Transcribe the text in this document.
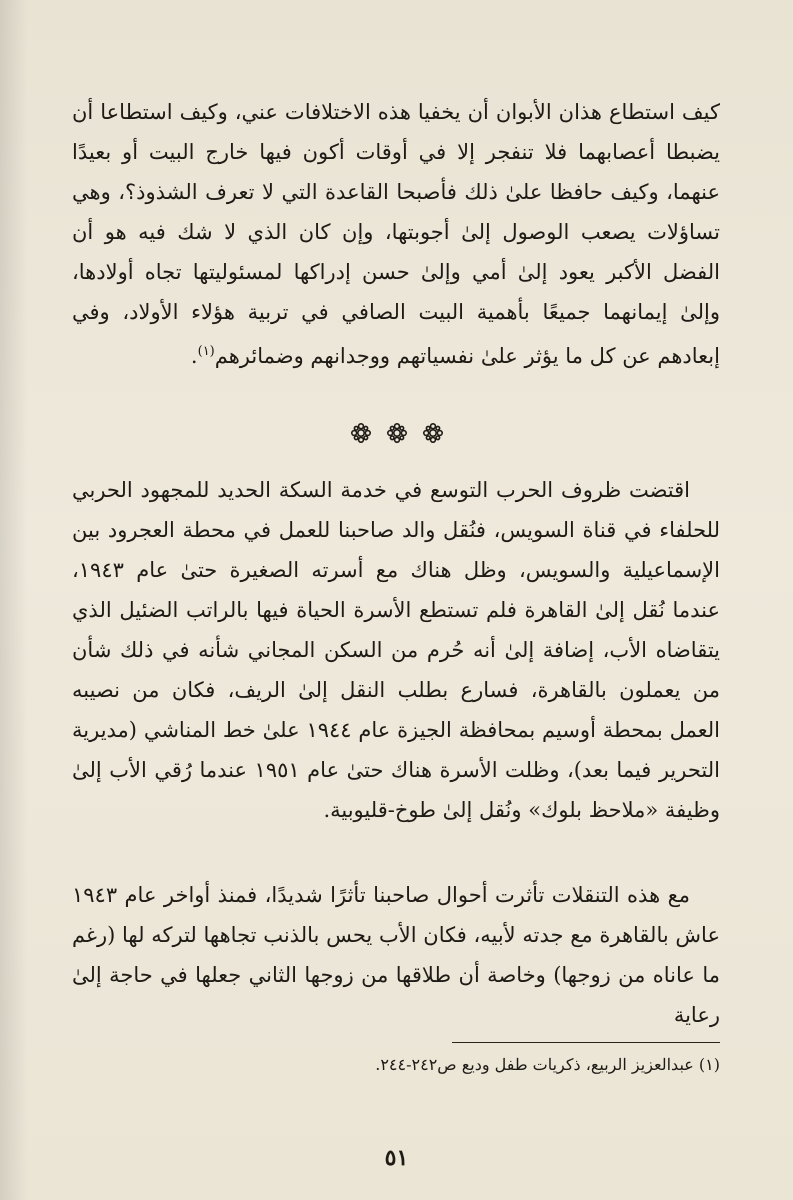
كيف استطاع هذان الأبوان أن يخفيا هذه الاختلافات عني، وكيف استطاعا أن يضبطا أعصابهما فلا تنفجر إلا في أوقات أكون فيها خارج البيت أو بعيدًا عنهما، وكيف حافظا علىٰ ذلك فأصبحا القاعدة التي لا تعرف الشذوذ؟، وهي تساؤلات يصعب الوصول إلىٰ أجوبتها، وإن كان الذي لا شك فيه هو أن الفضل الأكبر يعود إلىٰ أمي وإلىٰ حسن إدراكها لمسئوليتها تجاه أولادها، وإلىٰ إيمانهما جميعًا بأهمية البيت الصافي في تربية هؤلاء الأولاد، وفي إبعادهم عن كل ما يؤثر علىٰ نفسياتهم ووجدانهم وضمائرهم$^{(١)}$.
اقتضت ظروف الحرب التوسع في خدمة السكة الحديد للمجهود الحربي للحلفاء في قناة السويس، فنُقل والد صاحبنا للعمل في محطة العجرود بين الإسماعيلية والسويس، وظل هناك مع أسرته الصغيرة حتىٰ عام ١٩٤٣، عندما نُقل إلىٰ القاهرة فلم تستطع الأسرة الحياة فيها بالراتب الضئيل الذي يتقاضاه الأب، إضافة إلىٰ أنه حُرم من السكن المجاني شأنه في ذلك شأن من يعملون بالقاهرة، فسارع بطلب النقل إلىٰ الريف، فكان من نصيبه العمل بمحطة أوسيم بمحافظة الجيزة عام ١٩٤٤ علىٰ خط المناشي (مديرية التحرير فيما بعد)، وظلت الأسرة هناك حتىٰ عام ١٩٥١ عندما رُقي الأب إلىٰ وظيفة «ملاحظ بلوك» ونُقل إلىٰ طوخ-قليوبية.
مع هذه التنقلات تأثرت أحوال صاحبنا تأثرًا شديدًا، فمنذ أواخر عام ١٩٤٣ عاش بالقاهرة مع جدته لأبيه، فكان الأب يحس بالذنب تجاهها لتركه لها (رغم ما عاناه من زوجها) وخاصة أن طلاقها من زوجها الثاني جعلها في حاجة إلىٰ رعاية
(١) عبدالعزيز الربيع، ذكريات طفل وديع ص٢٤٢-٢٤٤.
٥١
